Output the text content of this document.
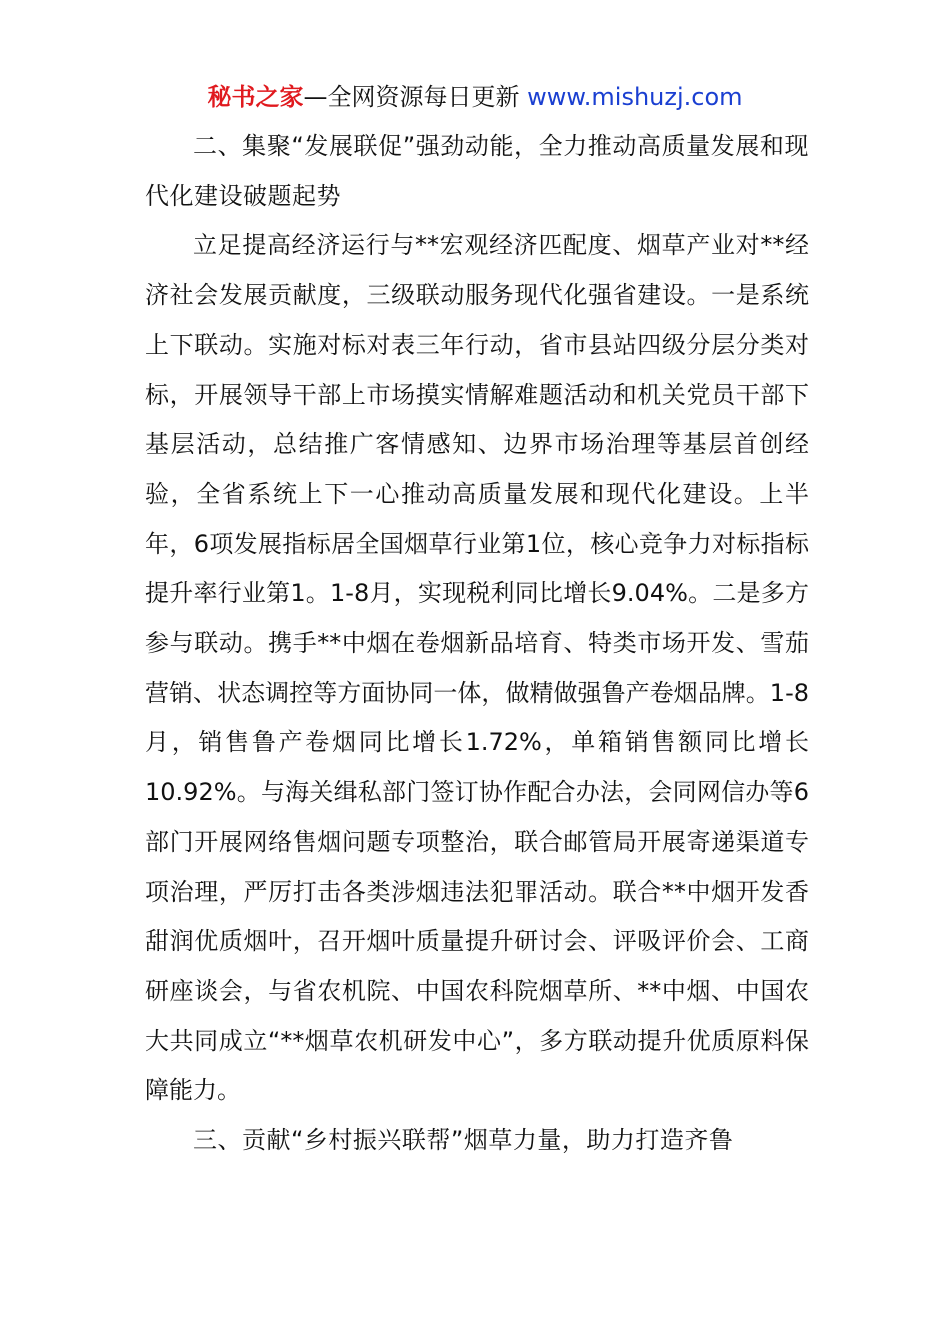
秘书之家—全网资源每日更新 www.mishuzj.com

二、集聚“发展联促”强劲动能，全力推动高质量发展和现代化建设破题起势

立足提高经济运行与**宏观经济匹配度、烟草产业对**经济社会发展贡献度，三级联动服务现代化强省建设。一是系统上下联动。实施对标对表三年行动，省市县站四级分层分类对标，开展领导干部上市场摸实情解难题活动和机关党员干部下基层活动，总结推广客情感知、边界市场治理等基层首创经验，全省系统上下一心推动高质量发展和现代化建设。上半年，6项发展指标居全国烟草行业第1位，核心竞争力对标指标提升率行业第1。1-8月，实现税利同比增长9.04%。二是多方参与联动。携手**中烟在卷烟新品培育、特类市场开发、雪茄营销、状态调控等方面协同一体，做精做强鲁产卷烟品牌。1-8月，销售鲁产卷烟同比增长1.72%，单箱销售额同比增长10.92%。与海关缉私部门签订协作配合办法，会同网信办等6部门开展网络售烟问题专项整治，联合邮管局开展寄递渠道专项治理，严厉打击各类涉烟违法犯罪活动。联合**中烟开发香甜润优质烟叶，召开烟叶质量提升研讨会、评吸评价会、工商研座谈会，与省农机院、中国农科院烟草所、**中烟、中国农大共同成立“**烟草农机研发中心”，多方联动提升优质原料保障能力。

三、贡献“乡村振兴联帮”烟草力量，助力打造齐鲁
